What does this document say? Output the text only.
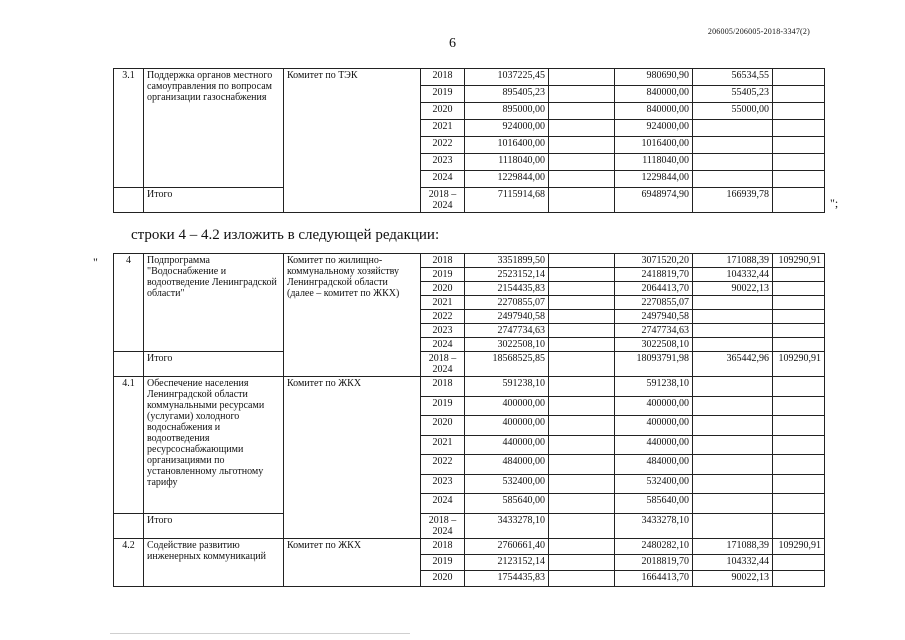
206005/206005-2018-3347(2)
6
3.1	Поддержка органов местного самоуправления по вопросам организации газоснабжения	Комитет по ТЭК	2018	1037225,45		980690,90	56534,55	
			2019	895405,23		840000,00	55405,23	
			2020	895000,00		840000,00	55000,00	
			2021	924000,00		924000,00		
			2022	1016400,00		1016400,00		
			2023	1118040,00		1118040,00		
			2024	1229844,00		1229844,00		
	Итого		2018 – 2024	7115914,68		6948974,90	166939,78	
";
строки 4 – 4.2 изложить в следующей редакции:
"	4	Подпрограмма "Водоснабжение и водоотведение Ленинградской области"	Комитет по жилищно-коммунальному хозяйству Ленинградской области (далее – комитет по ЖКХ)	2018	3351899,50		3071520,20	171088,39	109290,91
			2019	2523152,14		2418819,70	104332,44	
			2020	2154435,83		2064413,70	90022,13	
			2021	2270855,07		2270855,07		
			2022	2497940,58		2497940,58		
			2023	2747734,63		2747734,63		
			2024	3022508,10		3022508,10		
	Итого		2018 – 2024	18568525,85		18093791,98	365442,96	109290,91
4.1	Обеспечение населения Ленинградской области коммунальными ресурсами (услугами) холодного водоснабжения и водоотведения ресурсоснабжающими организациями по установленному льготному тарифу	Комитет по ЖКХ	2018	591238,10		591238,10		
			2019	400000,00		400000,00		
			2020	400000,00		400000,00		
			2021	440000,00		440000,00		
			2022	484000,00		484000,00		
			2023	532400,00		532400,00		
			2024	585640,00		585640,00		
	Итого		2018 – 2024	3433278,10		3433278,10		
4.2	Содействие развитию инженерных коммуникаций	Комитет по ЖКХ	2018	2760661,40		2480282,10	171088,39	109290,91
			2019	2123152,14		2018819,70	104332,44	
			2020	1754435,83		1664413,70	90022,13	
